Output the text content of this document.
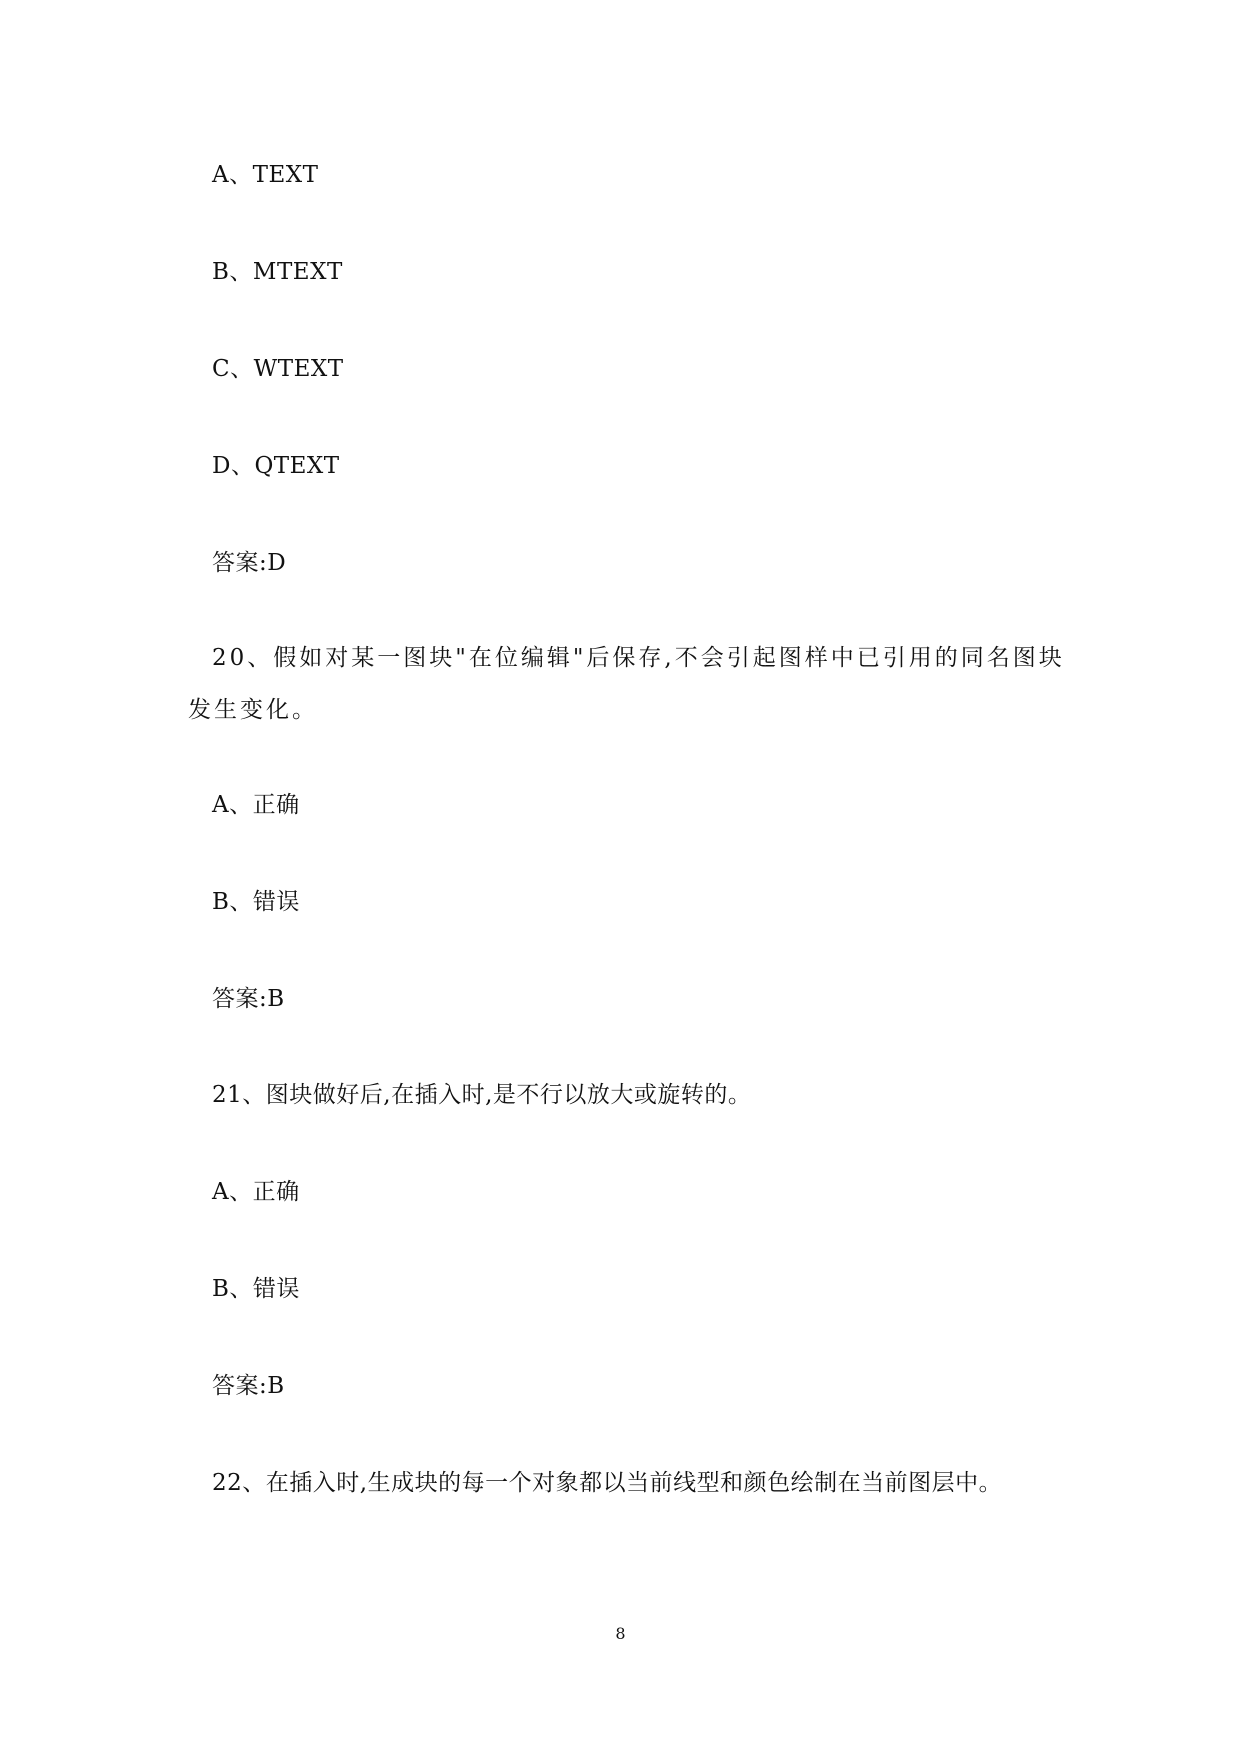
A、TEXT
B、MTEXT
C、WTEXT
D、QTEXT
答案:D
20、假如对某一图块"在位编辑"后保存,不会引起图样中已引用的同名图块发生变化。
A、正确
B、错误
答案:B
21、图块做好后,在插入时,是不行以放大或旋转的。
A、正确
B、错误
答案:B
22、在插入时,生成块的每一个对象都以当前线型和颜色绘制在当前图层中。
8
